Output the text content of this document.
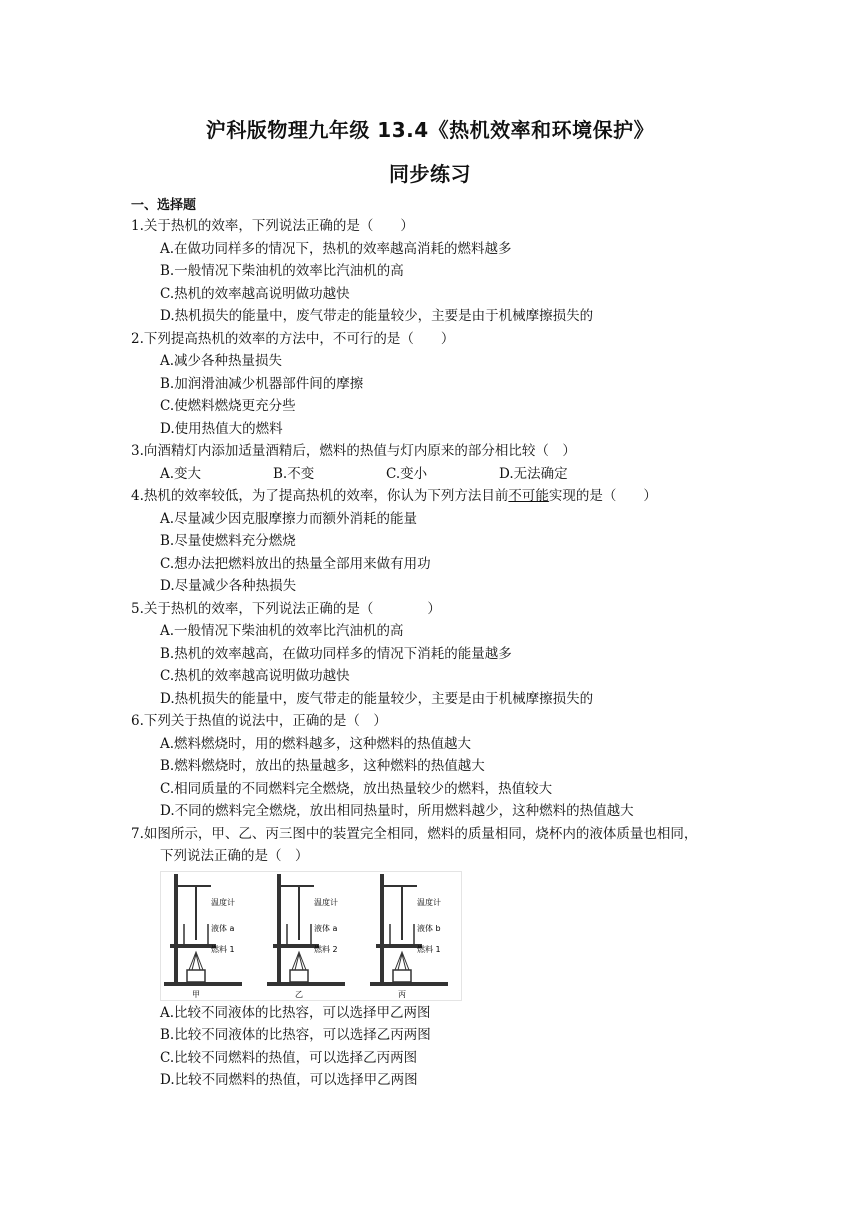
沪科版物理九年级 13.4《热机效率和环境保护》
同步练习
一、选择题
1.关于热机的效率，下列说法正确的是（　　）
A.在做功同样多的情况下，热机的效率越高消耗的燃料越多
B.一般情况下柴油机的效率比汽油机的高
C.热机的效率越高说明做功越快
D.热机损失的能量中，废气带走的能量较少，主要是由于机械摩擦损失的
2.下列提高热机的效率的方法中，不可行的是（　　）
A.减少各种热量损失
B.加润滑油减少机器部件间的摩擦
C.使燃料燃烧更充分些
D.使用热值大的燃料
3.向酒精灯内添加适量酒精后，燃料的热值与灯内原来的部分相比较（　）
A.变大	B.不变	C.变小	D.无法确定
4.热机的效率较低，为了提高热机的效率，你认为下列方法目前不可能实现的是（　　）
A.尽量减少因克服摩擦力而额外消耗的能量
B.尽量使燃料充分燃烧
C.想办法把燃料放出的热量全部用来做有用功
D.尽量减少各种热损失
5.关于热机的效率，下列说法正确的是（　　　　）
A.一般情况下柴油机的效率比汽油机的高
B.热机的效率越高，在做功同样多的情况下消耗的能量越多
C.热机的效率越高说明做功越快
D.热机损失的能量中，废气带走的能量较少，主要是由于机械摩擦损失的
6.下列关于热值的说法中，正确的是（　）
A.燃料燃烧时，用的燃料越多，这种燃料的热值越大
B.燃料燃烧时，放出的热量越多，这种燃料的热值越大
C.相同质量的不同燃料完全燃烧，放出热量较少的燃料，热值较大
D.不同的燃料完全燃烧，放出相同热量时，所用燃料越少，这种燃料的热值越大
7.如图所示，甲、乙、丙三图中的装置完全相同，燃料的质量相同，烧杯内的液体质量也相同，
下列说法正确的是（　）
温度计
液体 a
燃料 1
甲
温度计
液体 a
燃料 2
乙
温度计
液体 b
燃料 1
丙
A.比较不同液体的比热容，可以选择甲乙两图
B.比较不同液体的比热容，可以选择乙丙两图
C.比较不同燃料的热值，可以选择乙丙两图
D.比较不同燃料的热值，可以选择甲乙两图
